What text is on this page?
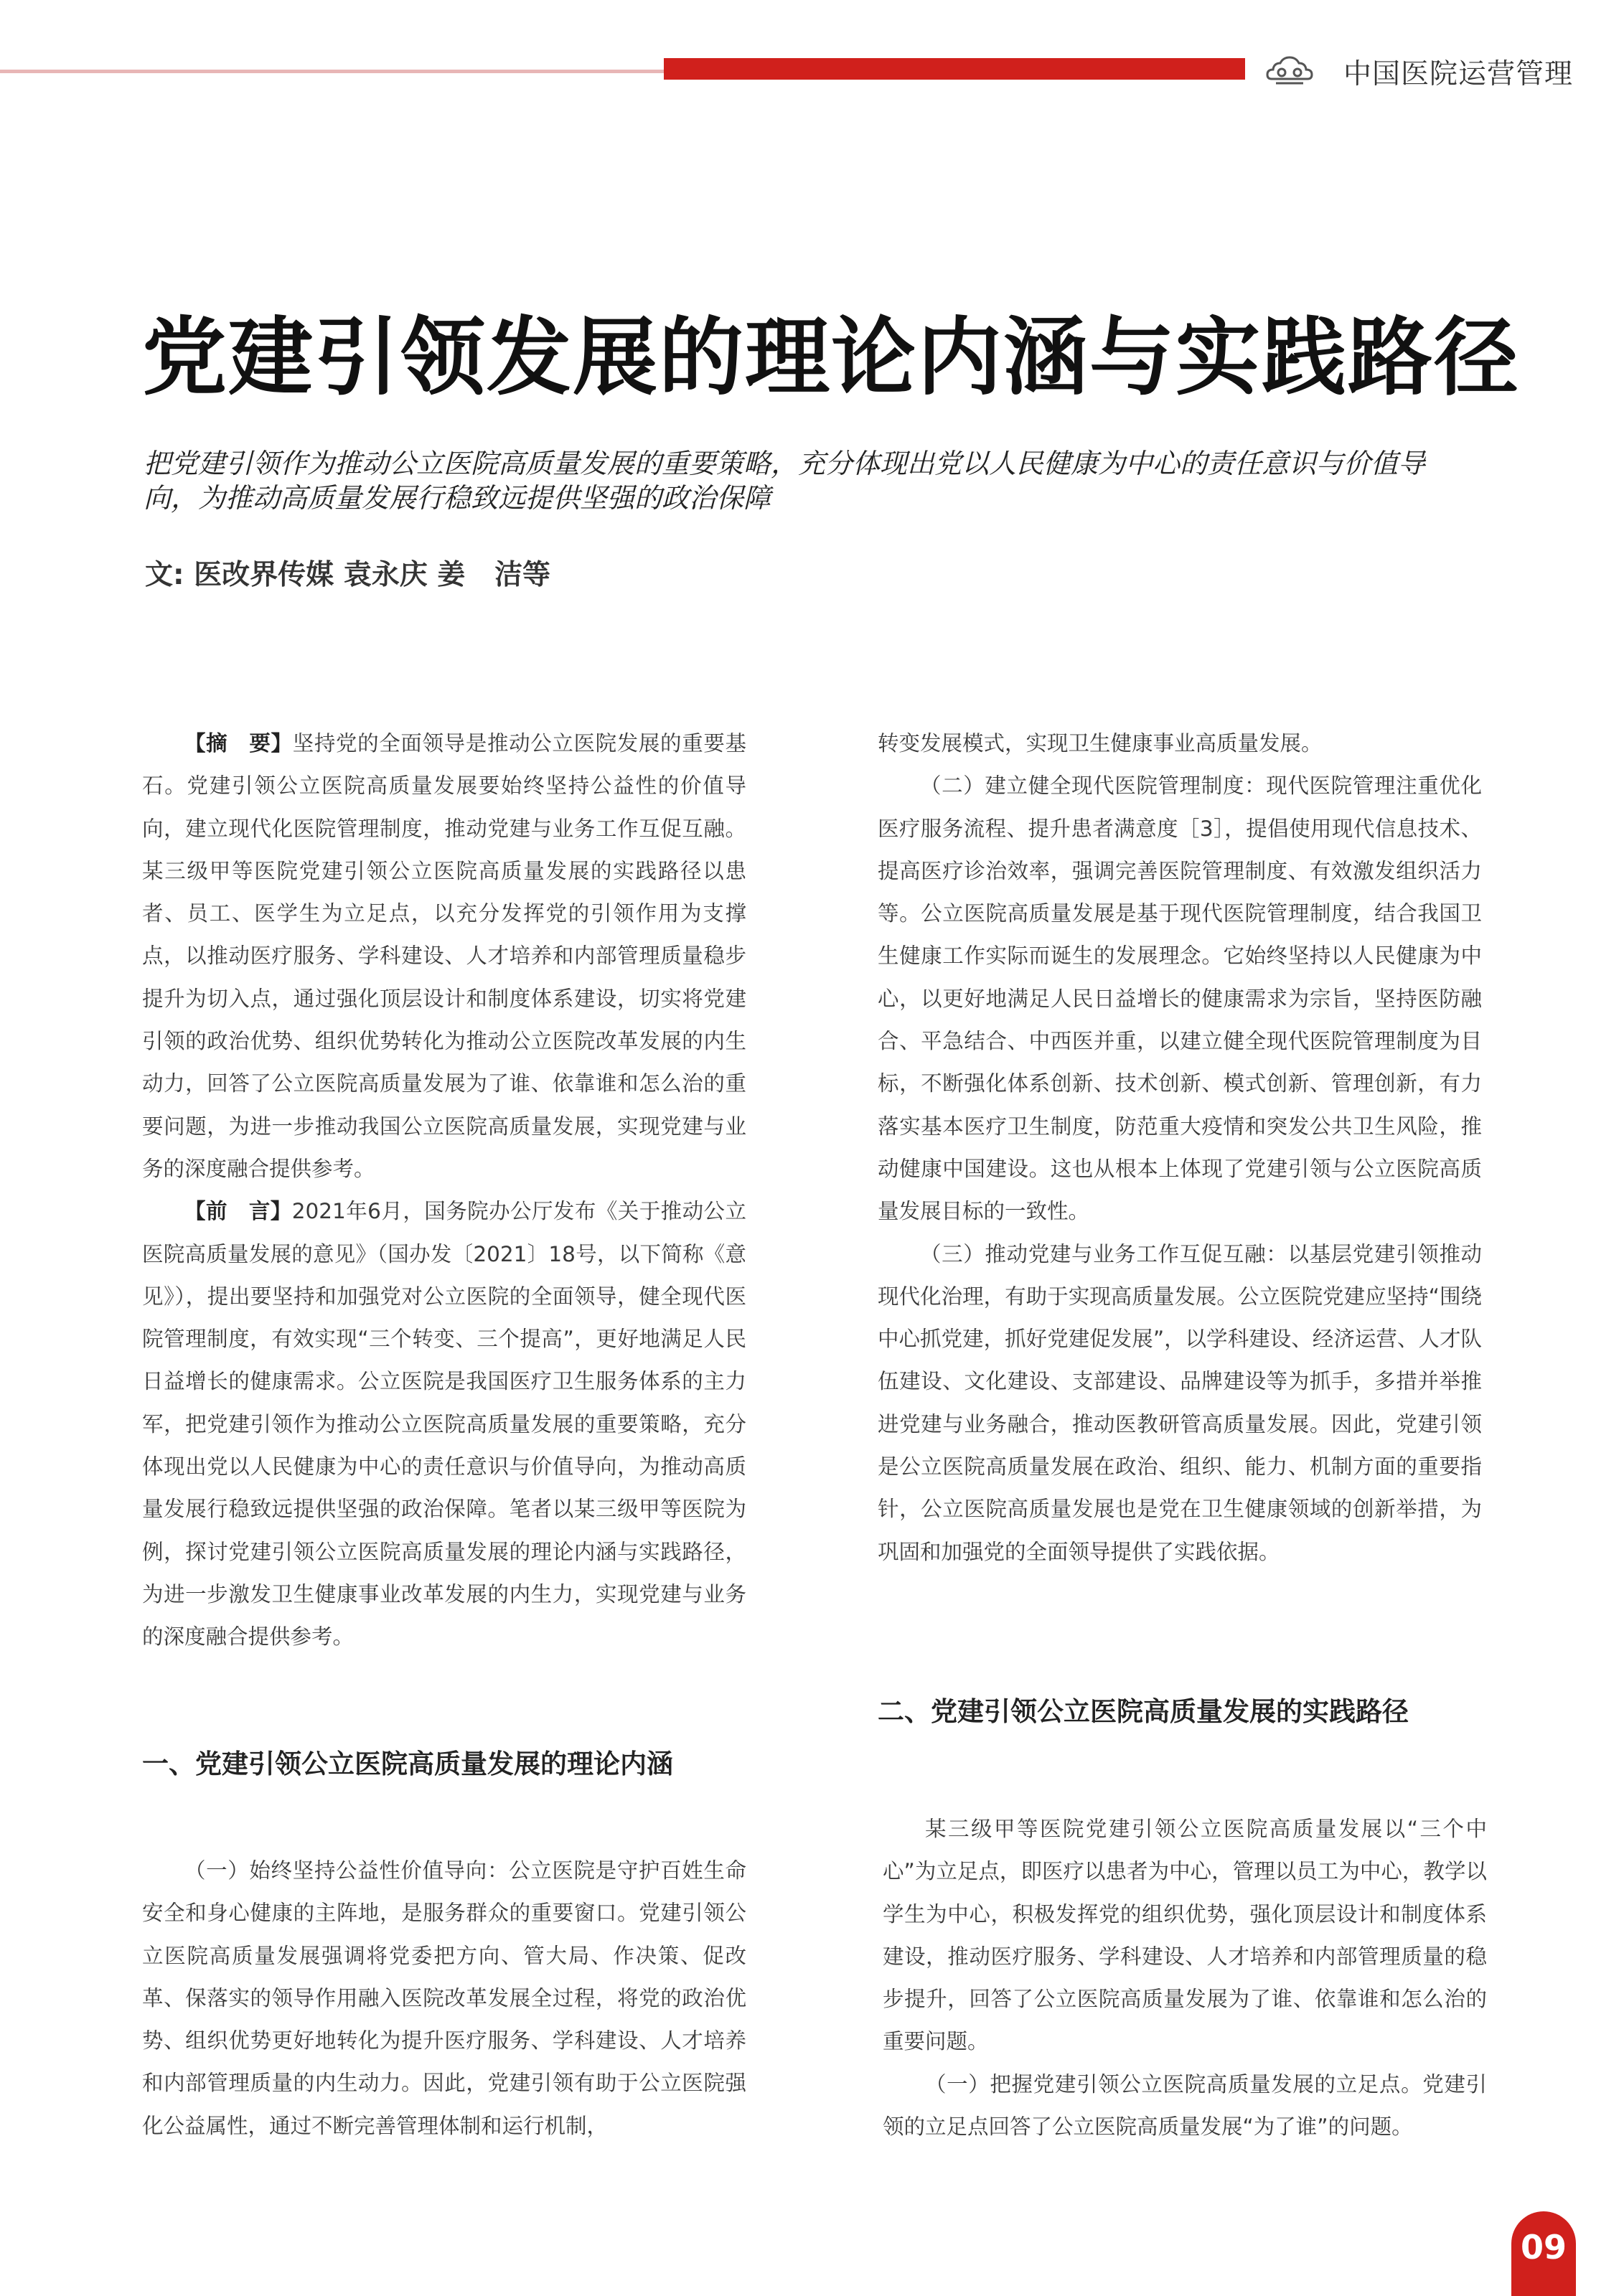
中国医院运营管理
党建引领发展的理论内涵与实践路径
把党建引领作为推动公立医院高质量发展的重要策略，充分体现出党以人民健康为中心的责任意识与价值导向，为推动高质量发展行稳致远提供坚强的政治保障
文: 医改界传媒 袁永庆 姜   洁等

【摘　要】坚持党的全面领导是推动公立医院发展的重要基石。党建引领公立医院高质量发展要始终坚持公益性的价值导向，建立现代化医院管理制度，推动党建与业务工作互促互融。某三级甲等医院党建引领公立医院高质量发展的实践路径以患者、员工、医学生为立足点，以充分发挥党的引领作用为支撑点，以推动医疗服务、学科建设、人才培养和内部管理质量稳步提升为切入点，通过强化顶层设计和制度体系建设，切实将党建引领的政治优势、组织优势转化为推动公立医院改革发展的内生动力，回答了公立医院高质量发展为了谁、依靠谁和怎么治的重要问题，为进一步推动我国公立医院高质量发展，实现党建与业务的深度融合提供参考。

【前　言】2021年6月，国务院办公厅发布《关于推动公立医院高质量发展的意见》（国办发〔2021〕18号，以下简称《意见》），提出要坚持和加强党对公立医院的全面领导，健全现代医院管理制度，有效实现“三个转变、三个提高”，更好地满足人民日益增长的健康需求。公立医院是我国医疗卫生服务体系的主力军，把党建引领作为推动公立医院高质量发展的重要策略，充分体现出党以人民健康为中心的责任意识与价值导向，为推动高质量发展行稳致远提供坚强的政治保障。笔者以某三级甲等医院为例，探讨党建引领公立医院高质量发展的理论内涵与实践路径，为进一步激发卫生健康事业改革发展的内生力，实现党建与业务的深度融合提供参考。

一、党建引领公立医院高质量发展的理论内涵

（一）始终坚持公益性价值导向：公立医院是守护百姓生命安全和身心健康的主阵地，是服务群众的重要窗口。党建引领公立医院高质量发展强调将党委把方向、管大局、作决策、促改革、保落实的领导作用融入医院改革发展全过程，将党的政治优势、组织优势更好地转化为提升医疗服务、学科建设、人才培养和内部管理质量的内生动力。因此，党建引领有助于公立医院强化公益属性，通过不断完善管理体制和运行机制，

转变发展模式，实现卫生健康事业高质量发展。

（二）建立健全现代医院管理制度：现代医院管理注重优化医疗服务流程、提升患者满意度［3］，提倡使用现代信息技术、提高医疗诊治效率，强调完善医院管理制度、有效激发组织活力等。公立医院高质量发展是基于现代医院管理制度，结合我国卫生健康工作实际而诞生的发展理念。它始终坚持以人民健康为中心，以更好地满足人民日益增长的健康需求为宗旨，坚持医防融合、平急结合、中西医并重，以建立健全现代医院管理制度为目标，不断强化体系创新、技术创新、模式创新、管理创新，有力落实基本医疗卫生制度，防范重大疫情和突发公共卫生风险，推动健康中国建设。这也从根本上体现了党建引领与公立医院高质量发展目标的一致性。

（三）推动党建与业务工作互促互融：以基层党建引领推动现代化治理，有助于实现高质量发展。公立医院党建应坚持“围绕中心抓党建，抓好党建促发展”，以学科建设、经济运营、人才队伍建设、文化建设、支部建设、品牌建设等为抓手，多措并举推进党建与业务融合，推动医教研管高质量发展。因此，党建引领是公立医院高质量发展在政治、组织、能力、机制方面的重要指针，公立医院高质量发展也是党在卫生健康领域的创新举措，为巩固和加强党的全面领导提供了实践依据。

二、党建引领公立医院高质量发展的实践路径

某三级甲等医院党建引领公立医院高质量发展以“三个中心”为立足点，即医疗以患者为中心，管理以员工为中心，教学以学生为中心，积极发挥党的组织优势，强化顶层设计和制度体系建设，推动医疗服务、学科建设、人才培养和内部管理质量的稳步提升，回答了公立医院高质量发展为了谁、依靠谁和怎么治的重要问题。

（一）把握党建引领公立医院高质量发展的立足点。党建引领的立足点回答了公立医院高质量发展“为了谁”的问题。

09
